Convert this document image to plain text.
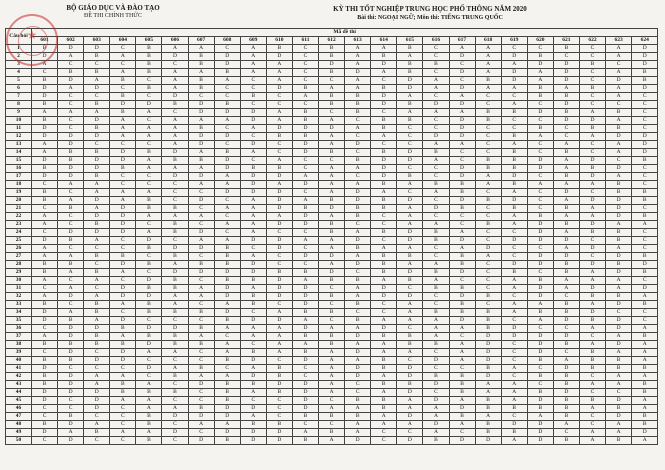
BỘ GIÁO DỤC VÀ ĐÀO TẠO
ĐỀ THI CHÍNH THỨC
KỲ THI TỐT NGHIỆP TRUNG HỌC PHỔ THÔNG NĂM 2020
Bài thi: NGOẠI NGỮ; Môn thi: TIẾNG TRUNG QUỐC
Câu hỏi	Mã đề thi																							
	601	602	603	604	605	606	607	608	609	610	611	612	613	614	615	616	617	618	619	620	621	622	623	624
1	B	D	D	C	B	A	A	C	A	B	C	B	A	A	B	C	A	A	C	C	B	C	A	D
2	D	A	B	A	B	D	B	D	A	D	C	B	A	B	A	C	D	A	D	B	C	C	A	D
3	A	C	C	C	B	C	B	D	A	A	C	D	A	D	B	B	C	A	A	D	D	B	C	D
4	C	B	B	A	B	A	A	B	A	A	C	B	D	A	B	C	D	A	D	A	D	C	A	B
5	B	D	A	B	C	A	B	A	C	A	C	C	A	C	D	A	C	B	D	A	D	C	D	B
6	D	A	D	C	B	A	B	C	C	D	B	A	A	B	D	A	D	A	A	B	A	B	A	D
7	D	C	C	B	C	D	C	C	B	C	A	B	B	D	A	C	A	C	C	B	B	C	A	C
8	B	C	B	D	D	B	D	B	C	C	C	B	B	D	B	D	D	C	A	C	D	C	C	C
9	A	A	A	B	A	C	D	D	D	A	B	C	B	C	A	A	A	B	B	D	B	A	B	C
10	B	C	D	A	C	A	A	A	D	A	B	A	C	B	B	C	D	B	C	C	D	D	A	C
11	D	C	B	A	A	A	B	C	A	D	D	D	A	B	C	C	D	C	C	B	C	B	B	C
12	D	D	D	A	A	A	D	D	C	B	B	A	C	A	C	D	D	C	B	A	C	A	D	D
13	A	D	C	C	C	A	D	C	D	C	D	A	D	C	C	A	A	C	A	C	A	C	A	D
14	A	B	B	D	B	D	A	B	A	C	D	B	C	B	D	B	C	C	B	C	B	C	A	D
15	D	B	D	D	A	B	B	D	C	A	C	C	B	D	D	A	C	B	B	D	A	D	C	B
16	B	D	D	B	A	A	A	D	B	B	C	A	A	D	C	C	D	B	B	D	A	B	D	C
17	D	D	B	C	C	D	D	A	D	D	A	A	C	D	B	C	D	A	D	C	B	D	A	C
18	C	A	A	C	C	C	A	A	D	A	D	A	A	B	A	B	B	A	B	A	A	A	B	C
19	B	C	A	A	A	C	C	D	D	D	C	A	D	A	C	A	B	C	A	C	D	C	B	B
20	B	A	D	A	B	C	D	C	A	D	A	B	D	B	D	C	D	B	D	C	A	D	D	B
21	C	B	A	D	B	B	C	A	A	D	B	D	B	B	A	D	B	C	B	C	B	A	D	C
22	A	C	D	D	A	A	A	C	A	A	D	A	B	C	A	C	C	C	A	B	A	A	D	B
23	A	C	B	D	C	B	C	A	A	D	D	B	C	C	A	A	C	B	A	D	B	D	A	A
24	C	D	D	D	A	B	D	C	A	C	C	B	A	B	D	B	A	C	C	D	A	B	B	C
25	D	B	A	C	D	C	A	A	D	D	A	A	D	C	D	B	D	C	D	D	D	C	B	C
26	A	C	C	C	B	D	D	B	C	D	C	A	B	A	A	C	A	D	C	C	A	D	A	C
27	A	A	B	B	C	B	C	B	A	C	D	D	A	B	B	C	B	A	C	D	D	C	D	B
28	B	B	C	D	B	A	B	B	D	C	C	A	D	B	A	A	B	C	D	D	B	D	B	D
29	B	A	B	A	C	D	D	D	D	B	B	D	C	B	D	B	D	C	B	C	B	A	D	B
30	A	C	A	C	D	B	C	B	B	D	A	B	B	A	B	A	C	C	A	B	A	A	A	C
31	C	A	C	D	B	B	A	D	A	D	D	C	A	D	C	B	B	C	A	D	A	D	A	D
32	A	D	A	D	D	A	A	D	B	D	D	B	A	D	D	C	D	B	C	D	C	B	B	A
33	B	C	B	A	B	A	C	A	B	C	D	C	B	C	A	C	B	C	A	A	B	A	D	B
34	D	A	B	C	B	B	B	D	C	A	B	B	C	C	A	B	B	B	A	B	B	D	C	C
35	D	B	A	D	C	C	C	B	D	D	A	C	B	A	A	A	D	B	C	A	D	B	D	C
36	C	D	D	B	D	D	B	A	A	A	D	A	A	D	C	A	A	B	D	C	C	A	D	A
37	A	D	B	A	B	B	A	C	A	A	B	B	D	B	B	A	C	D	D	D	D	C	A	B
38	B	B	B	B	D	B	B	A	C	A	A	B	A	A	B	B	A	D	C	D	B	A	D	A
39	C	D	C	D	A	A	C	A	B	A	B	A	D	A	A	C	A	D	C	D	C	B	A	A
40	B	B	D	D	C	C	C	B	D	C	D	A	A	B	C	D	A	D	C	B	A	B	B	A
41	D	C	C	C	D	A	B	C	A	B	C	A	D	B	D	C	C	B	A	C	D	B	B	B
42	B	D	A	A	C	B	A	A	D	B	C	A	D	A	D	B	B	D	C	B	B	C	A	A
43	B	D	A	B	A	C	D	B	B	D	D	A	C	B	B	D	B	A	A	C	B	A	A	B
44	D	D	D	B	B	B	C	B	A	B	D	A	C	A	D	C	B	A	A	B	D	C	C	B
45	D	C	D	A	A	C	C	B	C	C	D	C	B	B	A	D	A	B	A	D	B	B	D	A
46	C	C	D	C	A	A	B	D	D	C	D	A	A	B	A	A	D	B	B	B	B	A	B	A
47	C	B	C	C	B	D	D	D	A	C	B	B	B	A	D	A	B	A	C	A	B	C	D	B
48	B	D	A	C	B	C	A	A	B	B	C	C	A	A	A	D	A	B	D	D	A	C	A	B
49	D	A	B	A	A	D	C	D	D	D	A	B	A	C	C	A	C	B	B	D	C	A	A	D
50	C	D	C	C	B	C	D	B	D	D	B	A	D	C	D	B	D	D	A	D	B	A	B	A
★
